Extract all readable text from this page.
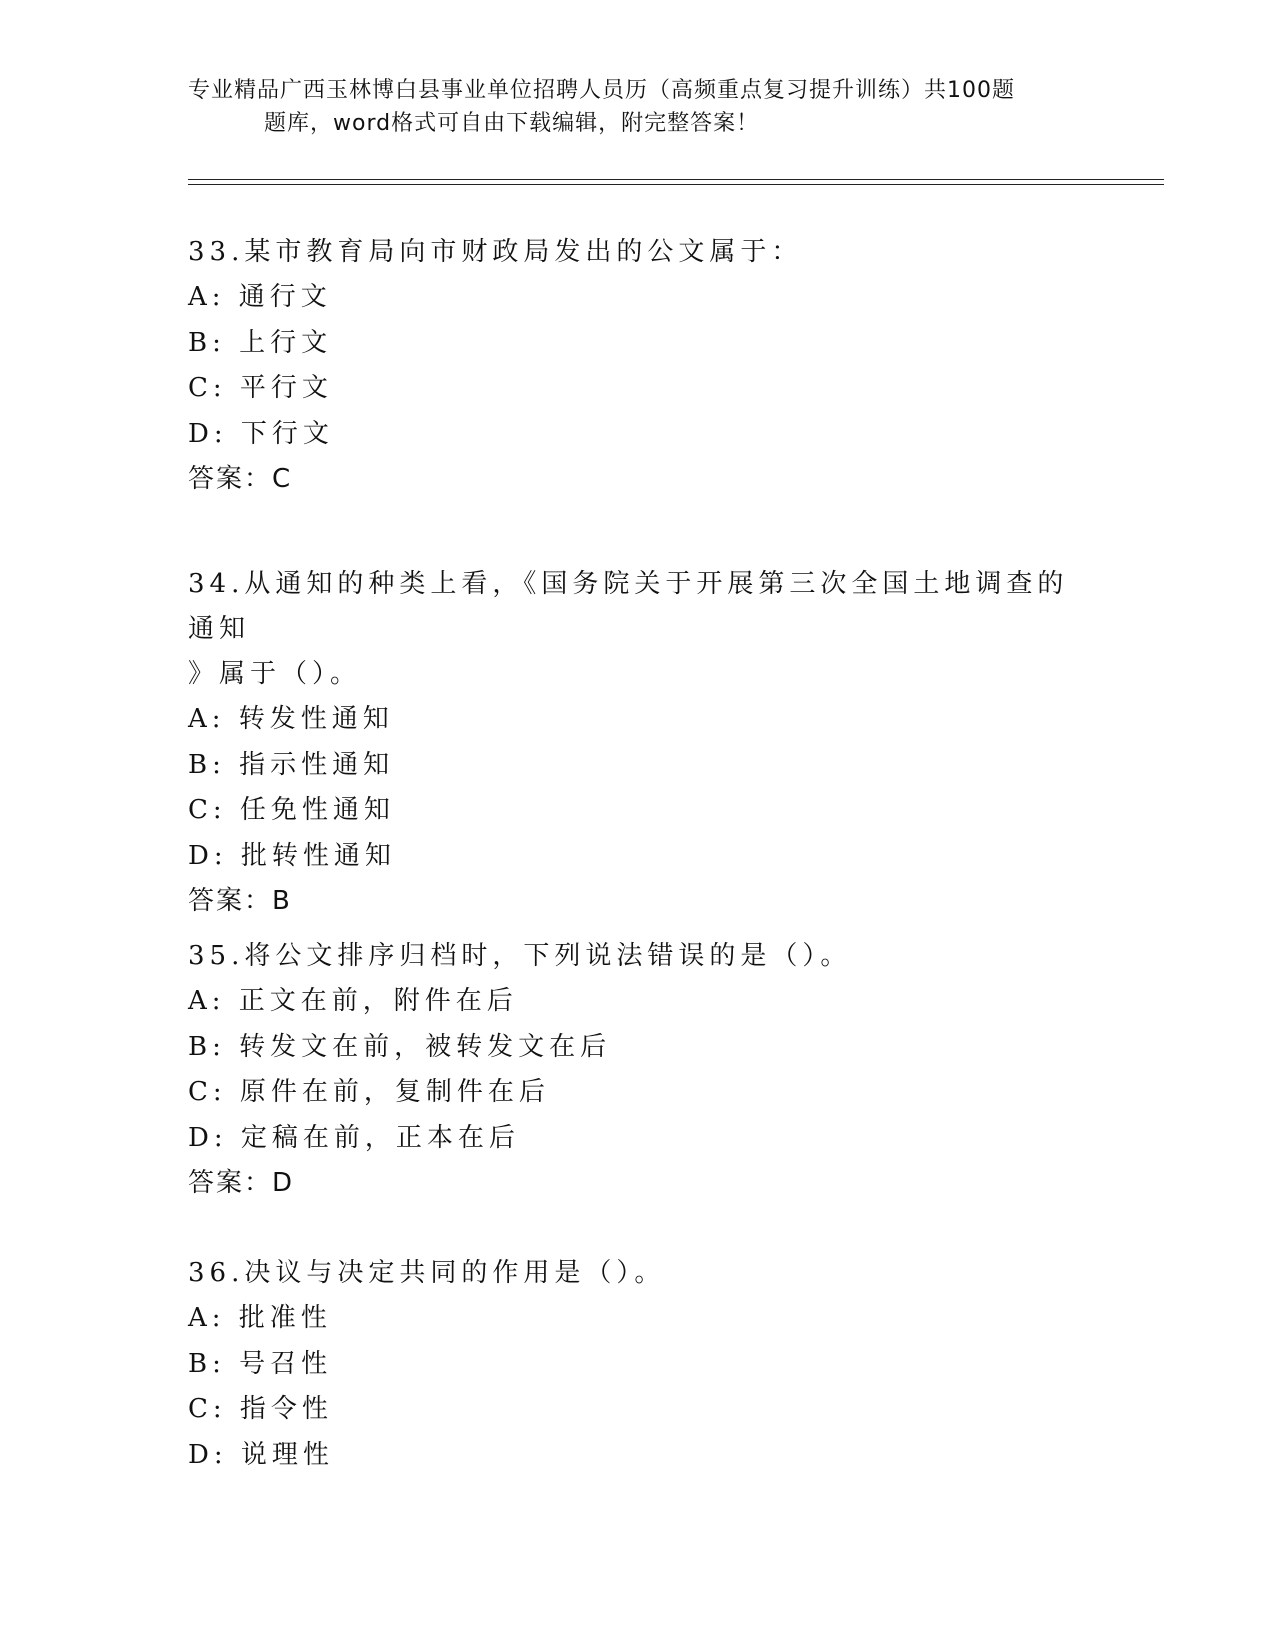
专业精品广西玉林博白县事业单位招聘人员历（高频重点复习提升训练）共100题
题库，word格式可自由下载编辑，附完整答案！
33.某市教育局向市财政局发出的公文属于：
A: 通行文
B: 上行文
C: 平行文
D: 下行文
答案：C
34.从通知的种类上看，《国务院关于开展第三次全国土地调查的通知
》属于（）。
A: 转发性通知
B: 指示性通知
C: 任免性通知
D: 批转性通知
答案：B
35.将公文排序归档时，下列说法错误的是（）。
A: 正文在前，附件在后
B: 转发文在前，被转发文在后
C: 原件在前，复制件在后
D: 定稿在前，正本在后
答案：D
36.决议与决定共同的作用是（）。
A: 批准性
B: 号召性
C: 指令性
D: 说理性
